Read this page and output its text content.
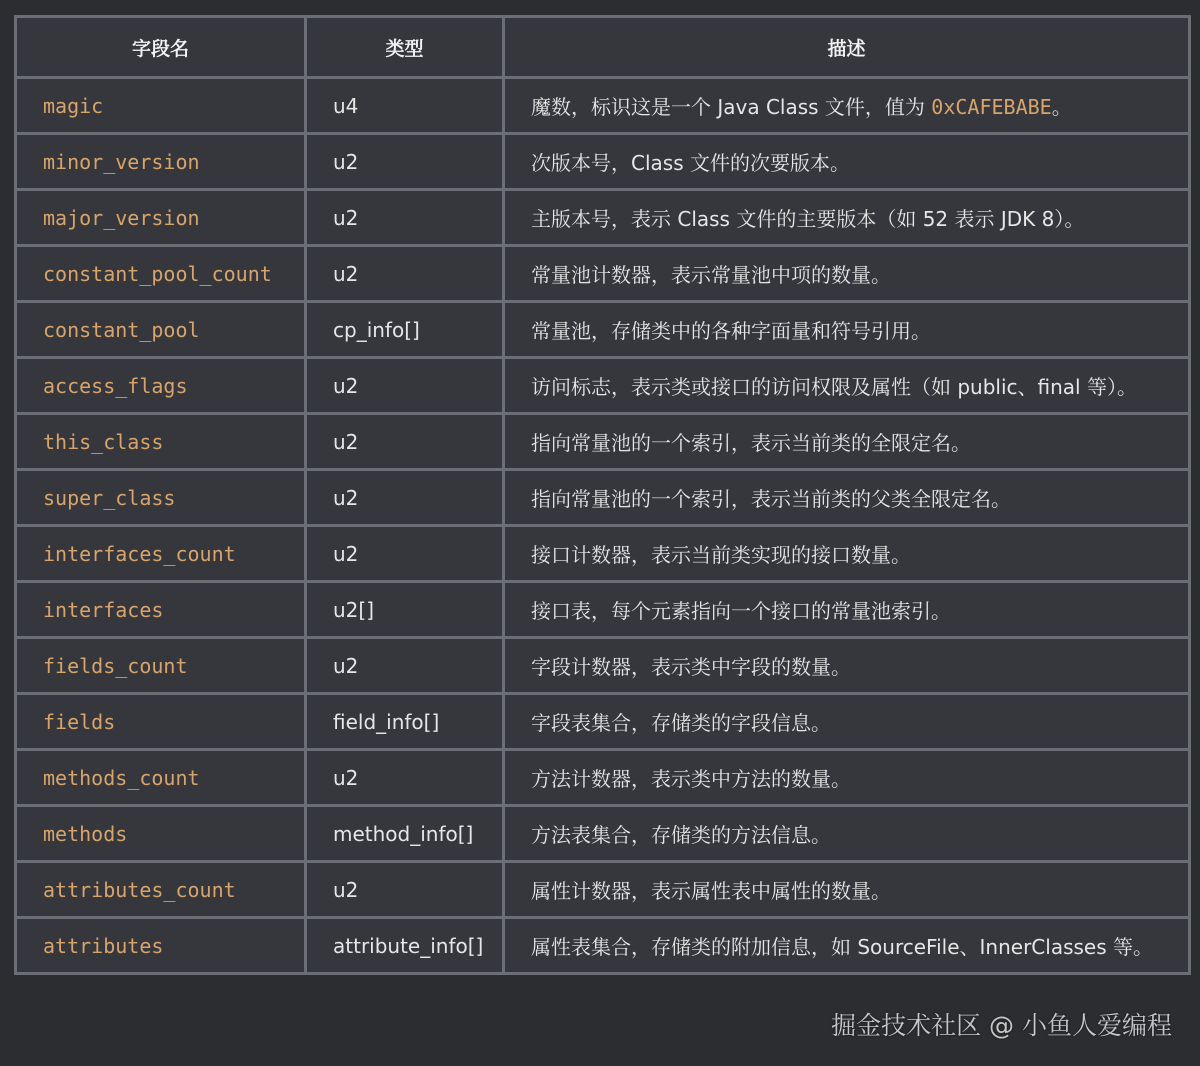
字段名	类型	描述
magic	u4	魔数，标识这是一个 Java Class 文件，值为 0xCAFEBABE。
minor_version	u2	次版本号，Class 文件的次要版本。
major_version	u2	主版本号，表示 Class 文件的主要版本（如 52 表示 JDK 8）。
constant_pool_count	u2	常量池计数器，表示常量池中项的数量。
constant_pool	cp_info[]	常量池，存储类中的各种字面量和符号引用。
access_flags	u2	访问标志，表示类或接口的访问权限及属性（如 public、final 等）。
this_class	u2	指向常量池的一个索引，表示当前类的全限定名。
super_class	u2	指向常量池的一个索引，表示当前类的父类全限定名。
interfaces_count	u2	接口计数器，表示当前类实现的接口数量。
interfaces	u2[]	接口表，每个元素指向一个接口的常量池索引。
fields_count	u2	字段计数器，表示类中字段的数量。
fields	field_info[]	字段表集合，存储类的字段信息。
methods_count	u2	方法计数器，表示类中方法的数量。
methods	method_info[]	方法表集合，存储类的方法信息。
attributes_count	u2	属性计数器，表示属性表中属性的数量。
attributes	attribute_info[]	属性表集合，存储类的附加信息，如 SourceFile、InnerClasses 等。
掘金技术社区 @ 小鱼人爱编程
